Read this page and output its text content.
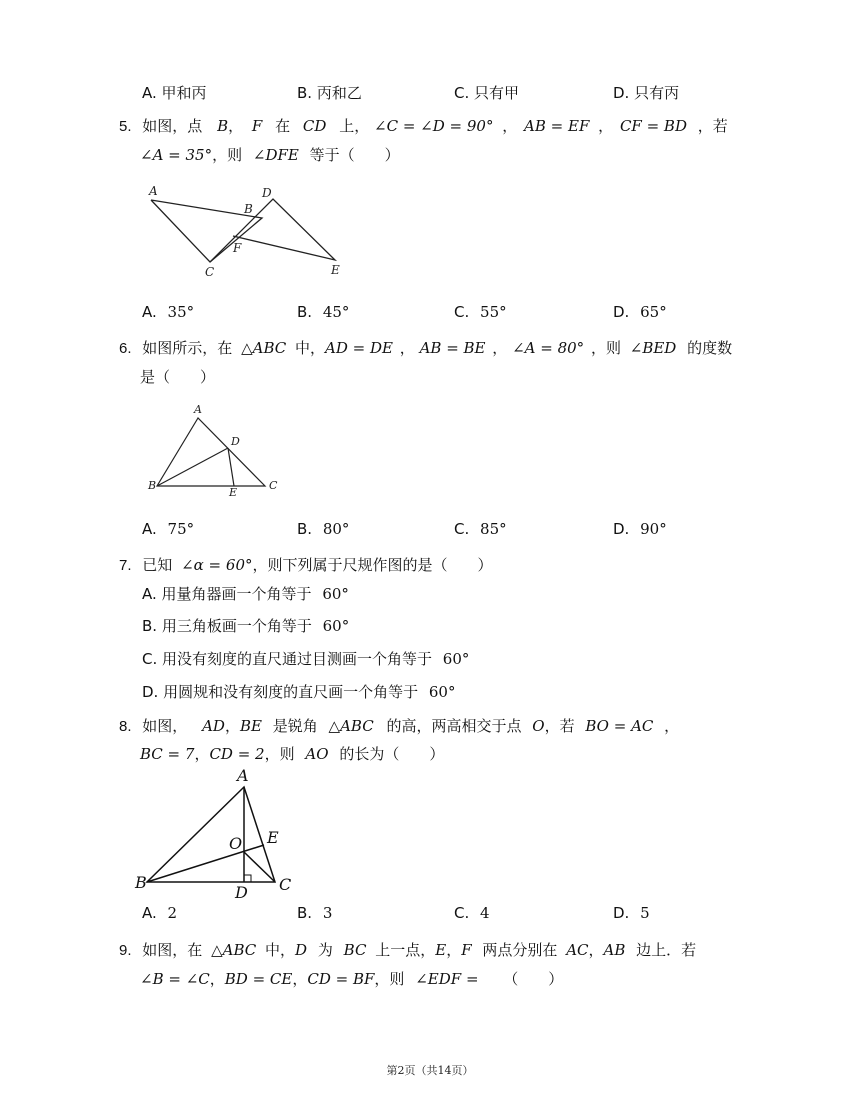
A. 甲和丙	B. 丙和乙	C. 只有甲	D. 只有丙
5. 如图，点 B， F 在 CD 上， ∠C = ∠D = 90° ， AB = EF ， CF = BD ，若
∠A = 35°，则 ∠DFE 等于（　　）
A
B
D
F
C	E
A
D
B
E
C
A
E
O
B
D C
A. 35°	B. 45°	C. 55°	D. 65°
6. 如图所示，在 △ABC 中，AD = DE ， AB = BE ， ∠A = 80° ，则 ∠BED 的度数
是（　　）
A. 75°	B. 80°	C. 85°	D. 90°
7. 已知 ∠α = 60°，则下列属于尺规作图的是（　　）
A. 用量角器画一个角等于 60°
B. 用三角板画一个角等于 60°
C. 用没有刻度的直尺通过目测画一个角等于 60°
D. 用圆规和没有刻度的直尺画一个角等于 60°
8. 如图， AD，BE 是锐角 △ABC 的高，两高相交于点 O，若 BO = AC ，
BC = 7，CD = 2，则 AO 的长为（　　）
A. 2	B. 3	C. 4	D. 5
9. 如图，在 △ABC 中，D 为 BC 上一点，E，F 两点分别在 AC，AB 边上．若
∠B = ∠C，BD = CE，CD = BF，则 ∠EDF = （　　）
第2页（共14页）
